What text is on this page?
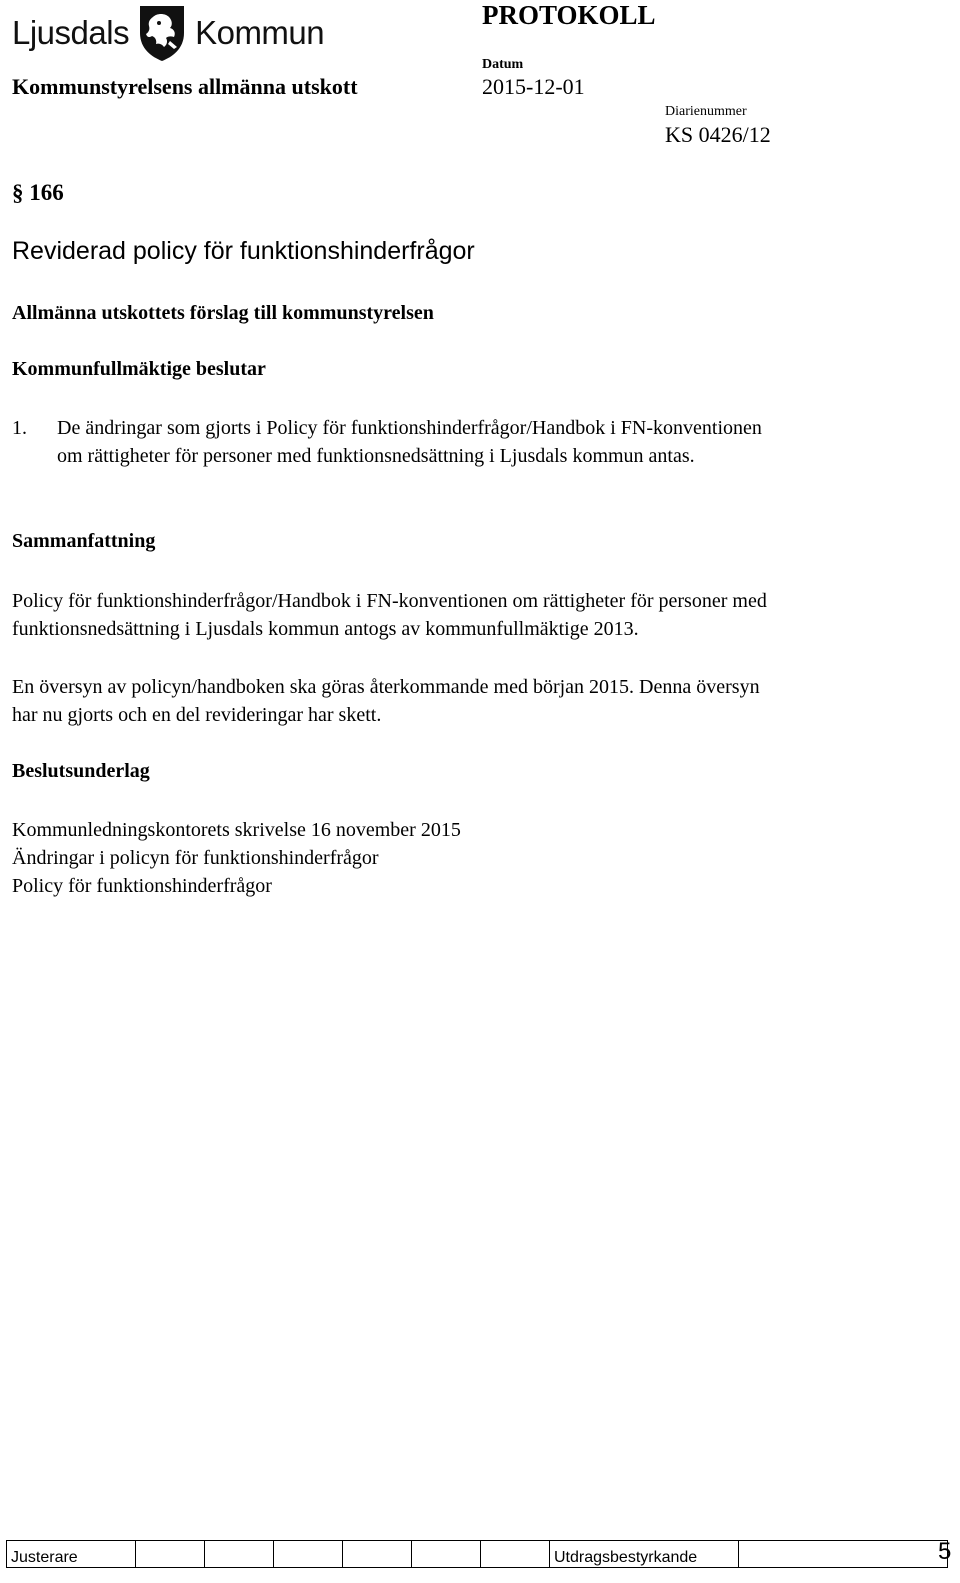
Ljusdals Kommun	PROTOKOLL
Kommunstyrelsens allmänna utskott
Datum
2015-12-01
Diarienummer
KS 0426/12
§ 166
Reviderad policy för funktionshinderfrågor
Allmänna utskottets förslag till kommunstyrelsen
Kommunfullmäktige beslutar
1. De ändringar som gjorts i Policy för funktionshinderfrågor/Handbok i FN-konventionen
om rättigheter för personer med funktionsnedsättning i Ljusdals kommun antas.
Sammanfattning
Policy för funktionshinderfrågor/Handbok i FN-konventionen om rättigheter för personer med
funktionsnedsättning i Ljusdals kommun antogs av kommunfullmäktige 2013.
En översyn av policyn/handboken ska göras återkommande med början 2015. Denna översyn
har nu gjorts och en del revideringar har skett.
Beslutsunderlag
Kommunledningskontorets skrivelse 16 november 2015
Ändringar i policyn för funktionshinderfrågor
Policy för funktionshinderfrågor
Justerare							Utdragsbestyrkande		5
